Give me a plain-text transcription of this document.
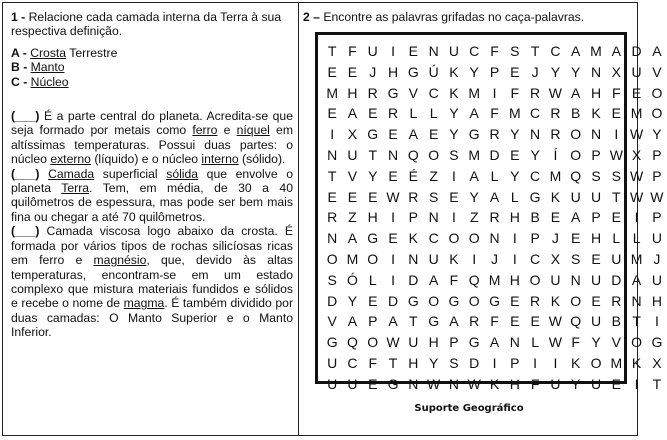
1 - Relacione cada camada interna da Terra à sua respectiva definição.

A - Crosta Terrestre

B - Manto

C - Núcleo

(___) É a parte central do planeta. Acredita-se que seja formado por metais como ferro e níquel em altíssimas temperaturas. Possui duas partes: o núcleo externo (líquido) e o núcleo interno (sólido).

(___) Camada superficial sólida que envolve o planeta Terra. Tem, em média, de 30 a 40 quilômetros de espessura, mas pode ser bem mais fina ou chegar a até 70 quilômetros.

(___) Camada viscosa logo abaixo da crosta. É formada por vários tipos de rochas silicíosas ricas em ferro e magnésio, que, devido às altas temperaturas, encontram-se em um estado complexo que mistura materiais fundidos e sólidos e recebe o nome de magma. É também dividido por duas camadas: O Manto Superior e o Manto Inferior.

2 – Encontre as palavras grifadas no caça-palavras.

T F U I E N U C F S T C A M A D A
E E J H G Ú K Y P E J Y Y N X U V
M H R G V C K M I	F R W A H F E O
E A E R L L Y A F M C R B K E M O
I X G E A E Y G R Y N R O N I W Y
N U T N Q O S M D E Y Í O P W X P
T V Y E É Z	I A L Y C M Q S S W P
E E E W R S E Y A L G K U U T W W
R Z H I P N I	Z R H B E A P E I P
N A G E K C O O N I P J E H L L U
O M O I N U K I	J	I C X S E U M J
S Ó L	I D A F Q M H O U N U D A U
D Y E D G O G O G E R K O E R N H
V A P A T G A R F E E W Q U B T	I
G Q O W U H P G A N L W F Y V O G
U C F T H Y S D I P I	I K O M K X
U U E G N W N W K H F U Y U E I	T

Suporte Geográfico
